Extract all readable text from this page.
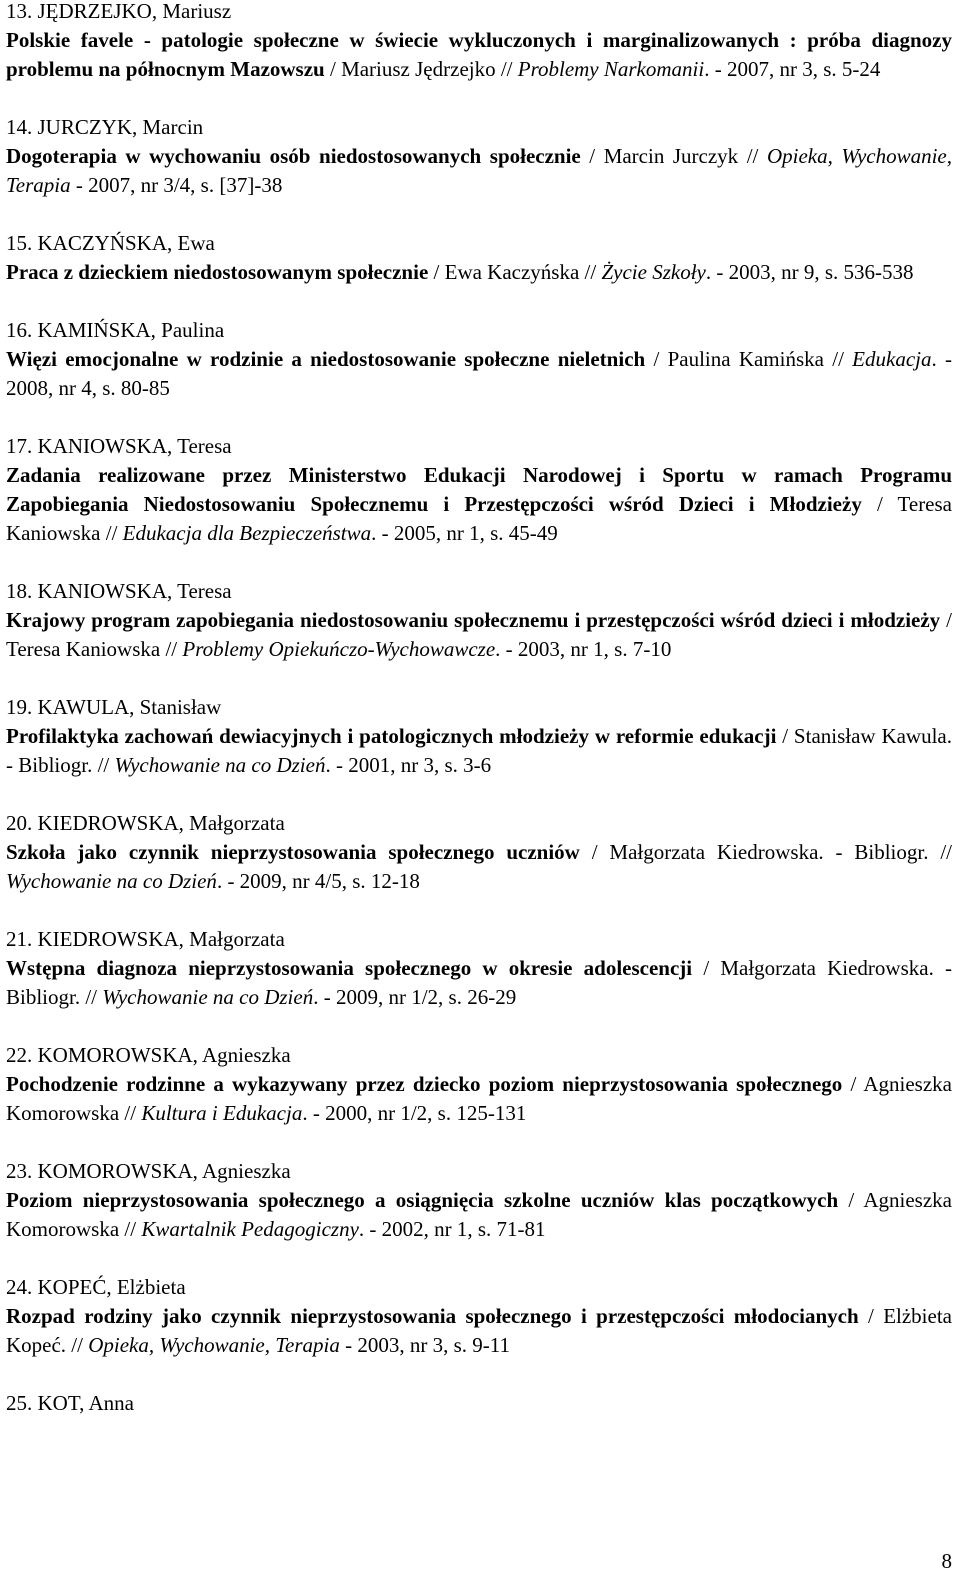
13. JĘDRZEJKO, Mariusz

Polskie favele - patologie społeczne w świecie wykluczonych i marginalizowanych : próba diagnozy problemu na północnym Mazowszu / Mariusz Jędrzejko // Problemy Narkomanii. - 2007, nr 3, s. 5-24

14. JURCZYK, Marcin

Dogoterapia w wychowaniu osób niedostosowanych społecznie / Marcin Jurczyk // Opieka, Wychowanie, Terapia - 2007, nr 3/4, s. [37]-38

15. KACZYŃSKA, Ewa

Praca z dzieckiem niedostosowanym społecznie / Ewa Kaczyńska // Życie Szkoły. - 2003, nr 9, s. 536-538

16. KAMIŃSKA, Paulina

Więzi emocjonalne w rodzinie a niedostosowanie społeczne nieletnich / Paulina Kamińska // Edukacja. - 2008, nr 4, s. 80-85

17. KANIOWSKA, Teresa

Zadania realizowane przez Ministerstwo Edukacji Narodowej i Sportu w ramach Programu Zapobiegania Niedostosowaniu Społecznemu i Przestępczości wśród Dzieci i Młodzieży / Teresa Kaniowska // Edukacja dla Bezpieczeństwa. - 2005, nr 1, s. 45-49

18. KANIOWSKA, Teresa

Krajowy program zapobiegania niedostosowaniu społecznemu i przestępczości wśród dzieci i młodzieży / Teresa Kaniowska // Problemy Opiekuńczo-Wychowawcze. - 2003, nr 1, s. 7-10

19. KAWULA, Stanisław

Profilaktyka zachowań dewiacyjnych i patologicznych młodzieży w reformie edukacji / Stanisław Kawula. - Bibliogr. // Wychowanie na co Dzień. - 2001, nr 3, s. 3-6

20. KIEDROWSKA, Małgorzata

Szkoła jako czynnik nieprzystosowania społecznego uczniów / Małgorzata Kiedrowska. - Bibliogr. // Wychowanie na co Dzień. - 2009, nr 4/5, s. 12-18

21. KIEDROWSKA, Małgorzata

Wstępna diagnoza nieprzystosowania społecznego w okresie adolescencji / Małgorzata Kiedrowska. - Bibliogr. // Wychowanie na co Dzień. - 2009, nr 1/2, s. 26-29

22. KOMOROWSKA, Agnieszka

Pochodzenie rodzinne a wykazywany przez dziecko poziom nieprzystosowania społecznego / Agnieszka Komorowska // Kultura i Edukacja. - 2000, nr 1/2, s. 125-131

23. KOMOROWSKA, Agnieszka

Poziom nieprzystosowania społecznego a osiągnięcia szkolne uczniów klas początkowych / Agnieszka Komorowska // Kwartalnik Pedagogiczny. - 2002, nr 1, s. 71-81

24. KOPEĆ, Elżbieta

Rozpad rodziny jako czynnik nieprzystosowania społecznego i przestępczości młodocianych / Elżbieta Kopeć. // Opieka, Wychowanie, Terapia - 2003, nr 3, s. 9-11

25. KOT, Anna
8
